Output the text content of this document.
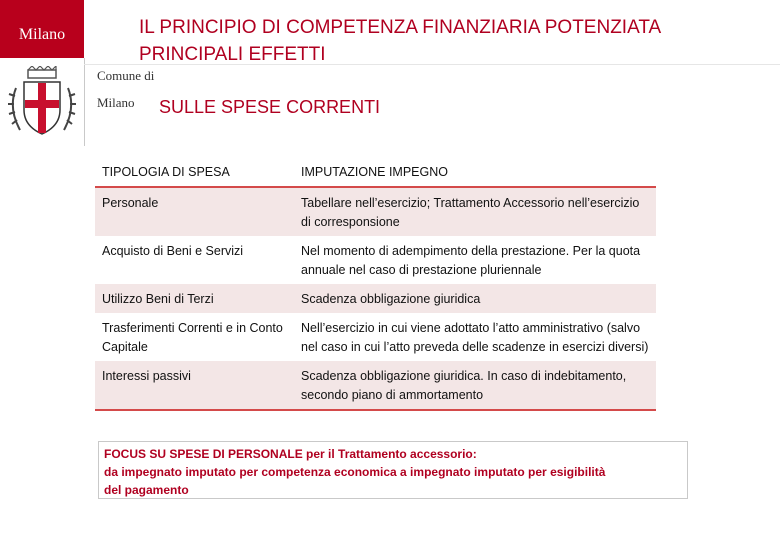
Milano	IL PRINCIPIO DI COMPETENZA FINANZIARIA POTENZIATA
PRINCIPALI EFFETTI
Comune di
Milano SULLE SPESE CORRENTI
TIPOLOGIA DI SPESA	IMPUTAZIONE IMPEGNO
Personale	Tabellare nell’esercizio; Trattamento Accessorio nell’esercizio di corresponsione
Acquisto di Beni e Servizi	Nel momento di adempimento della prestazione. Per la quota annuale nel caso di prestazione pluriennale
Utilizzo Beni di Terzi	Scadenza obbligazione giuridica
Trasferimenti Correnti e in Conto Capitale	Nell’esercizio in cui viene adottato l’atto amministrativo (salvo nel caso in cui l’atto preveda delle scadenze in esercizi diversi)
Interessi passivi	Scadenza obbligazione giuridica. In caso di indebitamento, secondo piano di ammortamento
FOCUS SU SPESE DI PERSONALE per il Trattamento accessorio:
da impegnato imputato per competenza economica a impegnato imputato per esigibilità
del pagamento
